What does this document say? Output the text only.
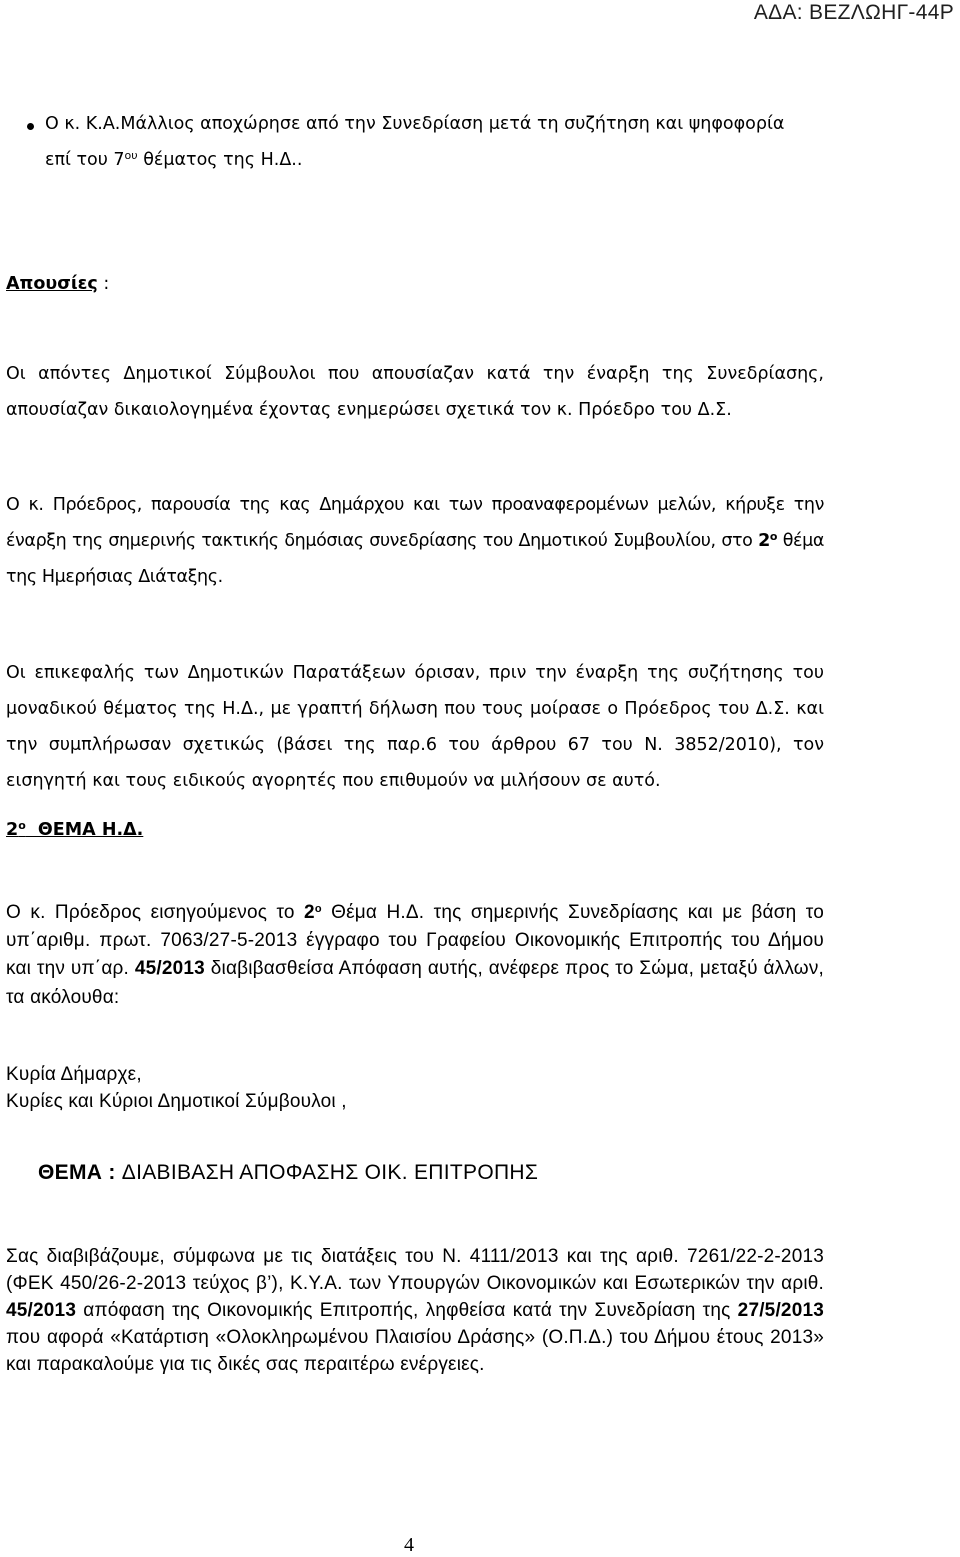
ΑΔΑ: ΒΕΖΛΩΗΓ-44Ρ

Ο κ. Κ.Α.Μάλλιος αποχώρησε από την Συνεδρίαση μετά τη συζήτηση και ψηφοφορία
επί του $7^{o\upsilon}$ θέματος της Η.Δ..

Απουσίες :

Οι απόντες Δημοτικοί Σύμβουλοι που απουσίαζαν κατά την έναρξη της Συνεδρίασης, απουσίαζαν δικαιολογημένα έχοντας ενημερώσει σχετικά τον κ. Πρόεδρο του Δ.Σ.

Ο κ. Πρόεδρος, παρουσία της κας Δημάρχου και των προαναφερομένων μελών, κήρυξε την έναρξη της σημερινής τακτικής δημόσιας συνεδρίασης του Δημοτικού Συμβουλίου, στο $2^o$ θέμα της Ημερήσιας Διάταξης.

Οι επικεφαλής των Δημοτικών Παρατάξεων όρισαν, πριν την έναρξη της συζήτησης του μοναδικού θέματος της Η.Δ., με γραπτή δήλωση που τους μοίρασε ο Πρόεδρος του Δ.Σ. και την συμπλήρωσαν σχετικώς (βάσει της παρ.6 του άρθρου 67 του Ν. 3852/2010), τον εισηγητή και τους ειδικούς αγορητές που επιθυμούν να μιλήσουν σε αυτό.

$2^o$  ΘΕΜΑ Η.Δ.

Ο κ. Πρόεδρος εισηγούμενος το $2^o$ Θέμα Η.Δ. της σημερινής Συνεδρίασης και με βάση το υπ΄αριθμ. πρωτ. 7063/27-5-2013 έγγραφο του Γραφείου Οικονομικής Επιτροπής του Δήμου και την υπ΄αρ. 45/2013 διαβιβασθείσα Απόφαση αυτής, ανέφερε προς το Σώμα, μεταξύ άλλων, τα ακόλουθα:

Κυρία Δήμαρχε,

Κυρίες και Κύριοι Δημοτικοί Σύμβουλοι ,

ΘΕΜΑ : ΔΙΑΒΙΒΑΣΗ ΑΠΟΦΑΣΗΣ ΟΙΚ. ΕΠΙΤΡΟΠΗΣ

Σας διαβιβάζουμε, σύμφωνα με τις διατάξεις του Ν. 4111/2013 και της αριθ. 7261/22-2-2013 (ΦΕΚ 450/26-2-2013 τεύχος β’), Κ.Υ.Α. των Υπουργών Οικονομικών και Εσωτερικών την αριθ. 45/2013 απόφαση της Οικονομικής Επιτροπής, ληφθείσα κατά την Συνεδρίαση της 27/5/2013 που αφορά «Κατάρτιση «Ολοκληρωμένου Πλαισίου Δράσης» (Ο.Π.Δ.) του Δήμου έτους 2013» και παρακαλούμε για τις δικές σας περαιτέρω ενέργειες.

4
